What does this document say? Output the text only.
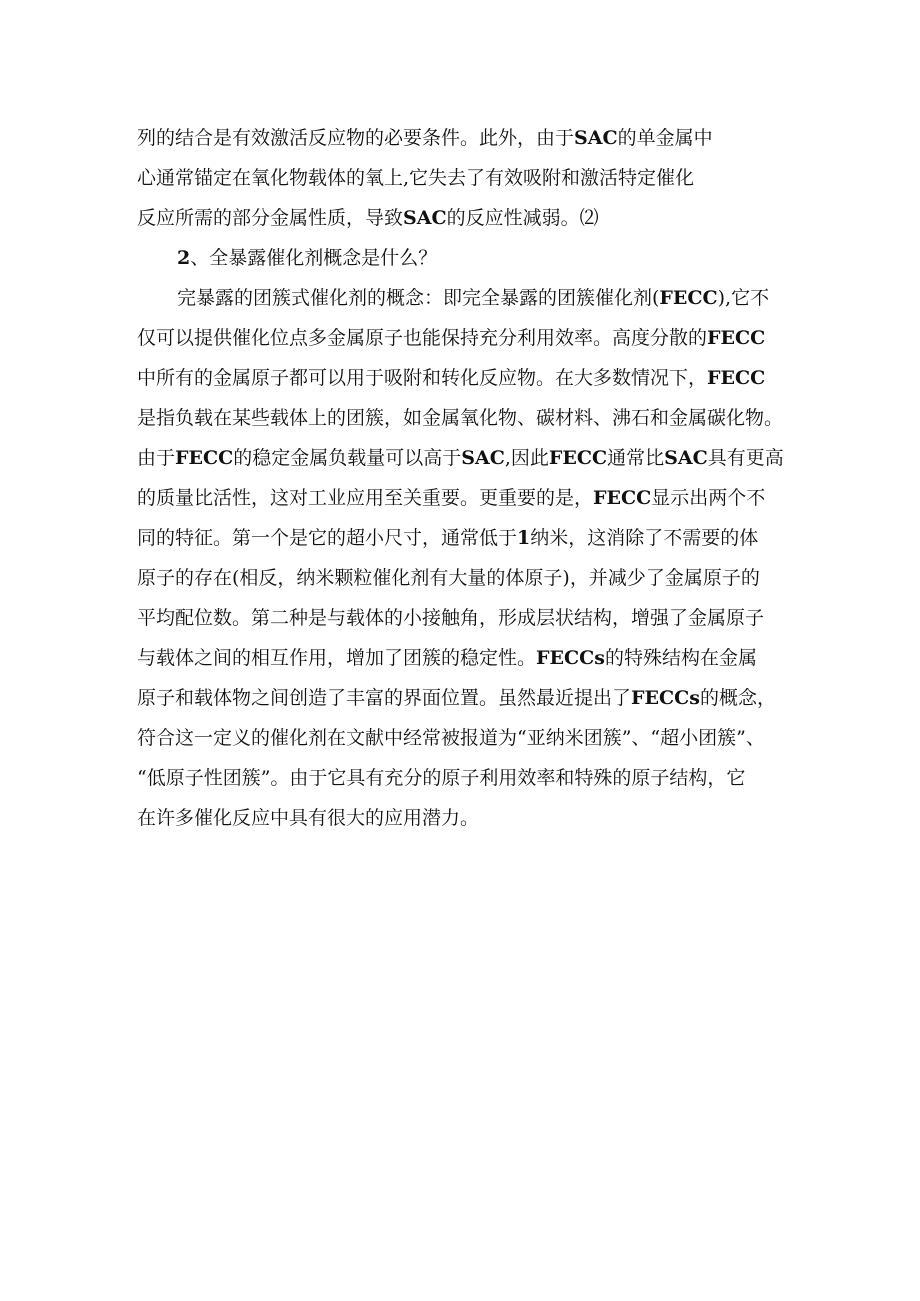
列的结合是有效激活反应物的必要条件。此外，由于SAC的单金属中
心通常锚定在氧化物载体的氧上,它失去了有效吸附和激活特定催化
反应所需的部分金属性质，导致SAC的反应性减弱。⑵
2、全暴露催化剂概念是什么？
完暴露的团簇式催化剂的概念：即完全暴露的团簇催化剂(FECC),它不
仅可以提供催化位点多金属原子也能保持充分利用效率。高度分散的FECC
中所有的金属原子都可以用于吸附和转化反应物。在大多数情况下，FECC
是指负载在某些载体上的团簇，如金属氧化物、碳材料、沸石和金属碳化物。
由于FECC的稳定金属负载量可以高于SAC,因此FECC通常比SAC具有更高
的质量比活性，这对工业应用至关重要。更重要的是，FECC显示出两个不
同的特征。第一个是它的超小尺寸，通常低于1纳米，这消除了不需要的体
原子的存在(相反，纳米颗粒催化剂有大量的体原子)，并减少了金属原子的
平均配位数。第二种是与载体的小接触角，形成层状结构，增强了金属原子
与载体之间的相互作用，增加了团簇的稳定性。FECCs的特殊结构在金属
原子和载体物之间创造了丰富的界面位置。虽然最近提出了FECCs的概念，
符合这一定义的催化剂在文献中经常被报道为“亚纳米团簇”、“超小团簇”、
“低原子性团簇”。由于它具有充分的原子利用效率和特殊的原子结构，它
在许多催化反应中具有很大的应用潜力。
